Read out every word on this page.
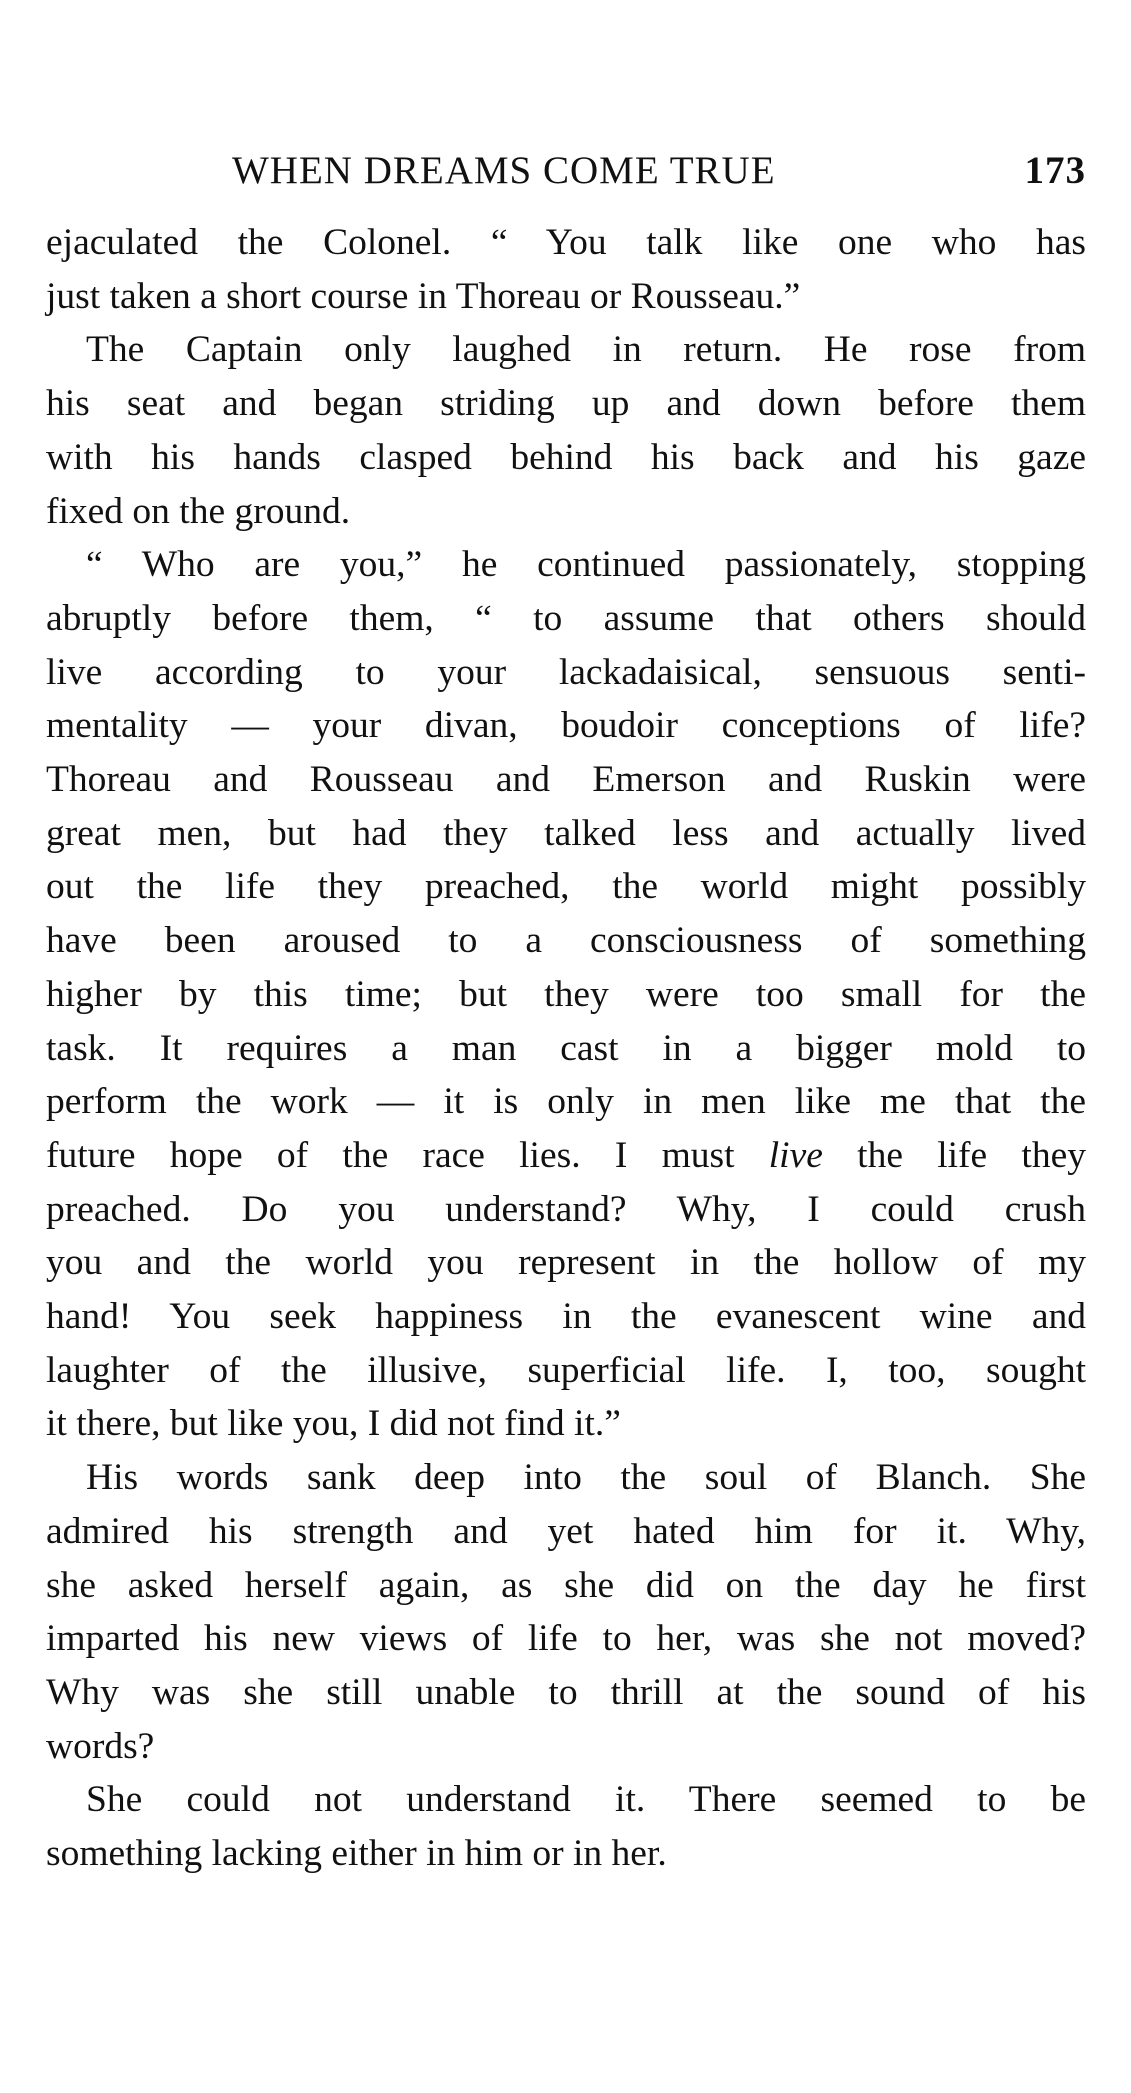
WHEN DREAMS COME TRUE	173

ejaculated the Colonel. “ You talk like one who has
just taken a short course in Thoreau or Rousseau.”

The Captain only laughed in return. He rose from
his seat and began striding up and down before them
with his hands clasped behind his back and his gaze
fixed on the ground.

“ Who are you,” he continued passionately, stopping
abruptly before them, “ to assume that others should
live according to your lackadaisical, sensuous senti-
mentality — your divan, boudoir conceptions of life?
Thoreau and Rousseau and Emerson and Ruskin were
great men, but had they talked less and actually lived
out the life they preached, the world might possibly
have been aroused to a consciousness of something
higher by this time; but they were too small for the
task. It requires a man cast in a bigger mold to
perform the work — it is only in men like me that the
future hope of the race lies. I must live the life they
preached. Do you understand? Why, I could crush
you and the world you represent in the hollow of my
hand! You seek happiness in the evanescent wine and
laughter of the illusive, superficial life. I, too, sought
it there, but like you, I did not find it.”

His words sank deep into the soul of Blanch. She
admired his strength and yet hated him for it. Why,
she asked herself again, as she did on the day he first
imparted his new views of life to her, was she not moved?
Why was she still unable to thrill at the sound of his
words?

She could not understand it. There seemed to be
something lacking either in him or in her.
